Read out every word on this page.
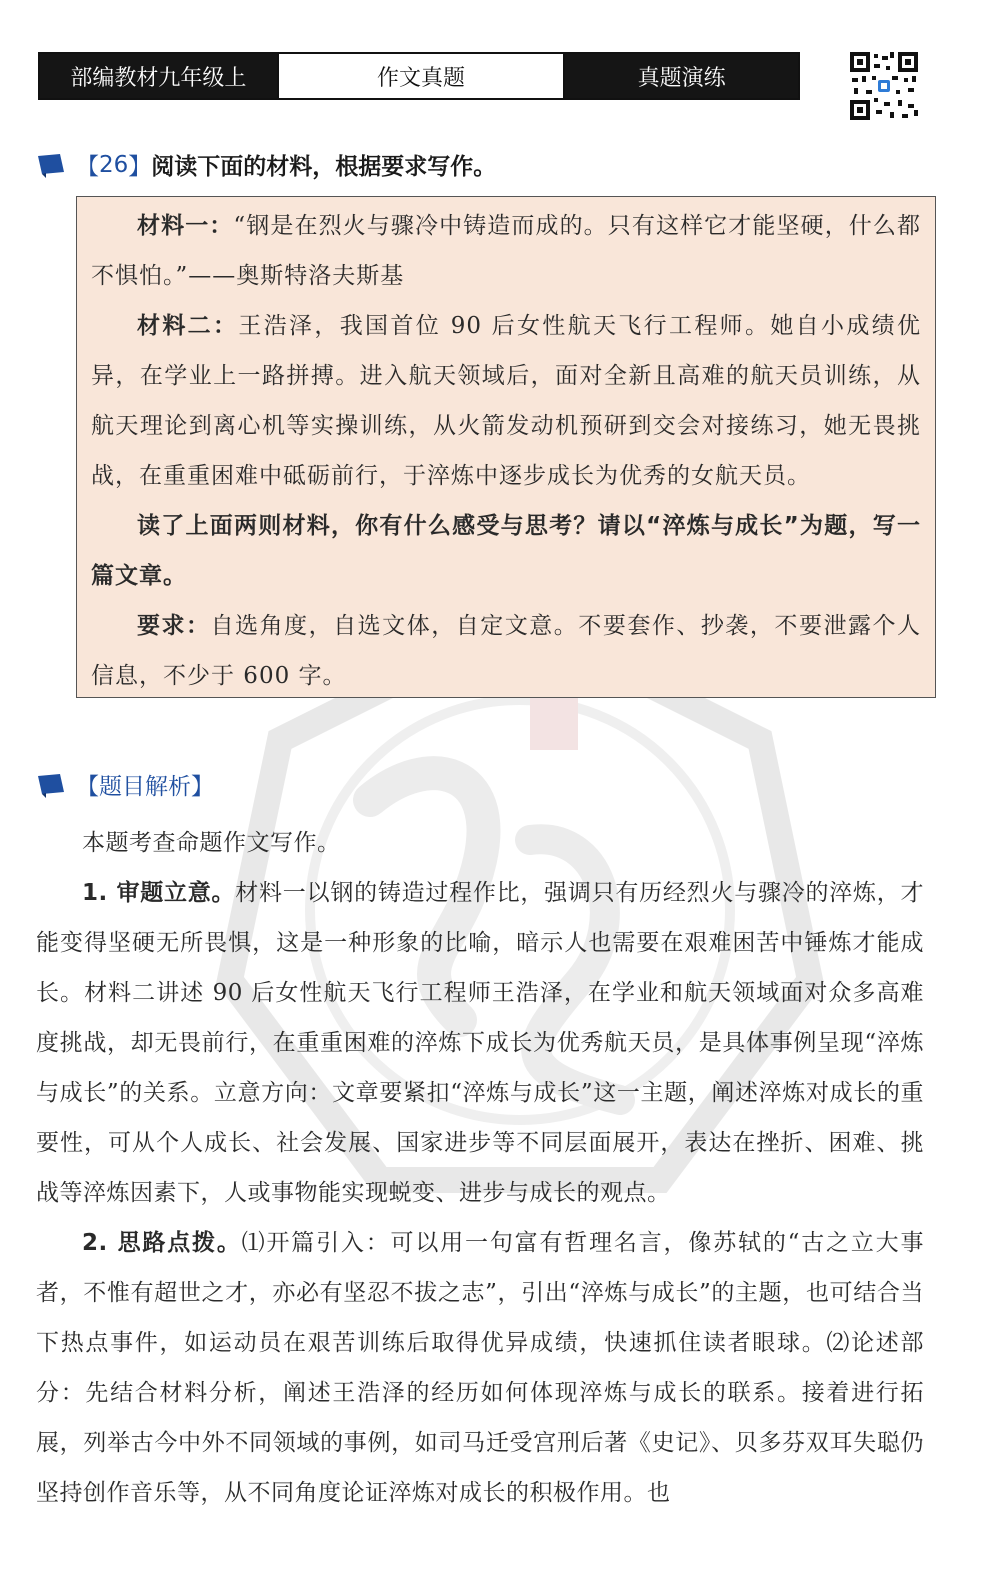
部编教材九年级上	作文真题	真题演练
【 26 】 阅读下面的材料，根据要求写作。

材料一：“钢是在烈火与骤冷中铸造而成的。只有这样它才能坚硬，什么都不惧怕。”——奥斯特洛夫斯基

材料二：王浩泽，我国首位 90 后女性航天飞行工程师。她自小成绩优异，在学业上一路拼搏。进入航天领域后，面对全新且高难的航天员训练，从航天理论到离心机等实操训练，从火箭发动机预研到交会对接练习，她无畏挑战，在重重困难中砥砺前行，于淬炼中逐步成长为优秀的女航天员。

读了上面两则材料，你有什么感受与思考？请以“淬炼与成长”为题，写一篇文章。

要求：自选角度，自选文体，自定文意。不要套作、抄袭，不要泄露个人信息，不少于 600 字。

【题目解析】

本题考查命题作文写作。

1. 审题立意。材料一以钢的铸造过程作比，强调只有历经烈火与骤冷的淬炼，才能变得坚硬无所畏惧，这是一种形象的比喻，暗示人也需要在艰难困苦中锤炼才能成长。材料二讲述 90 后女性航天飞行工程师王浩泽，在学业和航天领域面对众多高难度挑战，却无畏前行，在重重困难的淬炼下成长为优秀航天员，是具体事例呈现“淬炼与成长”的关系。立意方向：文章要紧扣“淬炼与成长”这一主题，阐述淬炼对成长的重要性，可从个人成长、社会发展、国家进步等不同层面展开，表达在挫折、困难、挑战等淬炼因素下，人或事物能实现蜕变、进步与成长的观点。

2. 思路点拨。⑴开篇引入：可以用一句富有哲理名言，像苏轼的“古之立大事者，不惟有超世之才，亦必有坚忍不拔之志”，引出“淬炼与成长”的主题，也可结合当下热点事件，如运动员在艰苦训练后取得优异成绩，快速抓住读者眼球。⑵论述部分：先结合材料分析，阐述王浩泽的经历如何体现淬炼与成长的联系。接着进行拓展，列举古今中外不同领域的事例，如司马迁受宫刑后著《史记》、贝多芬双耳失聪仍坚持创作音乐等，从不同角度论证淬炼对成长的积极作用。也
